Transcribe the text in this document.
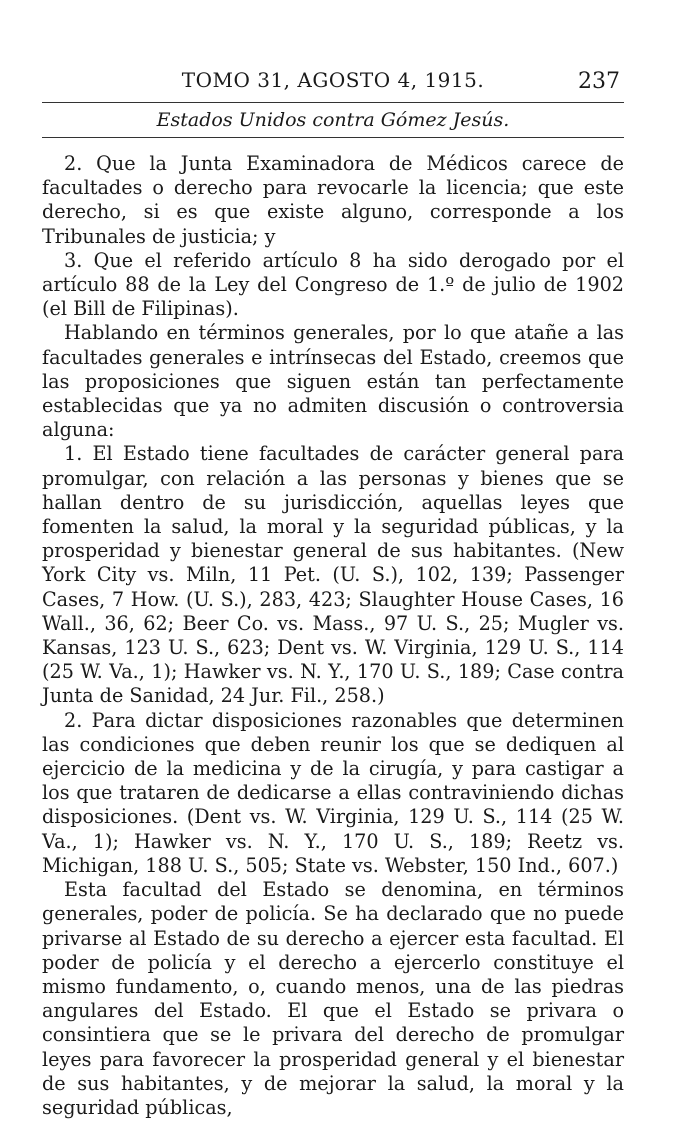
TOMO 31, AGOSTO 4, 1915.	237
Estados Unidos contra Gómez Jesús.

2. Que la Junta Examinadora de Médicos carece de facultades o derecho para revocarle la licencia; que este derecho, si es que existe alguno, corresponde a los Tribunales de justicia; y

3. Que el referido artículo 8 ha sido derogado por el artículo 88 de la Ley del Congreso de 1.º de julio de 1902 (el Bill de Filipinas).

Hablando en términos generales, por lo que atañe a las facultades generales e intrínsecas del Estado, creemos que las proposiciones que siguen están tan perfectamente establecidas que ya no admiten discusión o controversia alguna:

1. El Estado tiene facultades de carácter general para promulgar, con relación a las personas y bienes que se hallan dentro de su jurisdicción, aquellas leyes que fomenten la salud, la moral y la seguridad públicas, y la prosperidad y bienestar general de sus habitantes. (New York City vs. Miln, 11 Pet. (U. S.), 102, 139; Passenger Cases, 7 How. (U. S.), 283, 423; Slaughter House Cases, 16 Wall., 36, 62; Beer Co. vs. Mass., 97 U. S., 25; Mugler vs. Kansas, 123 U. S., 623; Dent vs. W. Virginia, 129 U. S., 114 (25 W. Va., 1); Hawker vs. N. Y., 170 U. S., 189; Case contra Junta de Sanidad, 24 Jur. Fil., 258.)

2. Para dictar disposiciones razonables que determinen las condiciones que deben reunir los que se dediquen al ejercicio de la medicina y de la cirugía, y para castigar a los que trataren de dedicarse a ellas contraviniendo dichas disposiciones. (Dent vs. W. Virginia, 129 U. S., 114 (25 W. Va., 1); Hawker vs. N. Y., 170 U. S., 189; Reetz vs. Michigan, 188 U. S., 505; State vs. Webster, 150 Ind., 607.)

Esta facultad del Estado se denomina, en términos generales, poder de policía. Se ha declarado que no puede privarse al Estado de su derecho a ejercer esta facultad. El poder de policía y el derecho a ejercerlo constituye el mismo fundamento, o, cuando menos, una de las piedras angulares del Estado. El que el Estado se privara o consintiera que se le privara del derecho de promulgar leyes para favorecer la prosperidad general y el bienestar de sus habitantes, y de mejorar la salud, la moral y la seguridad públicas,
